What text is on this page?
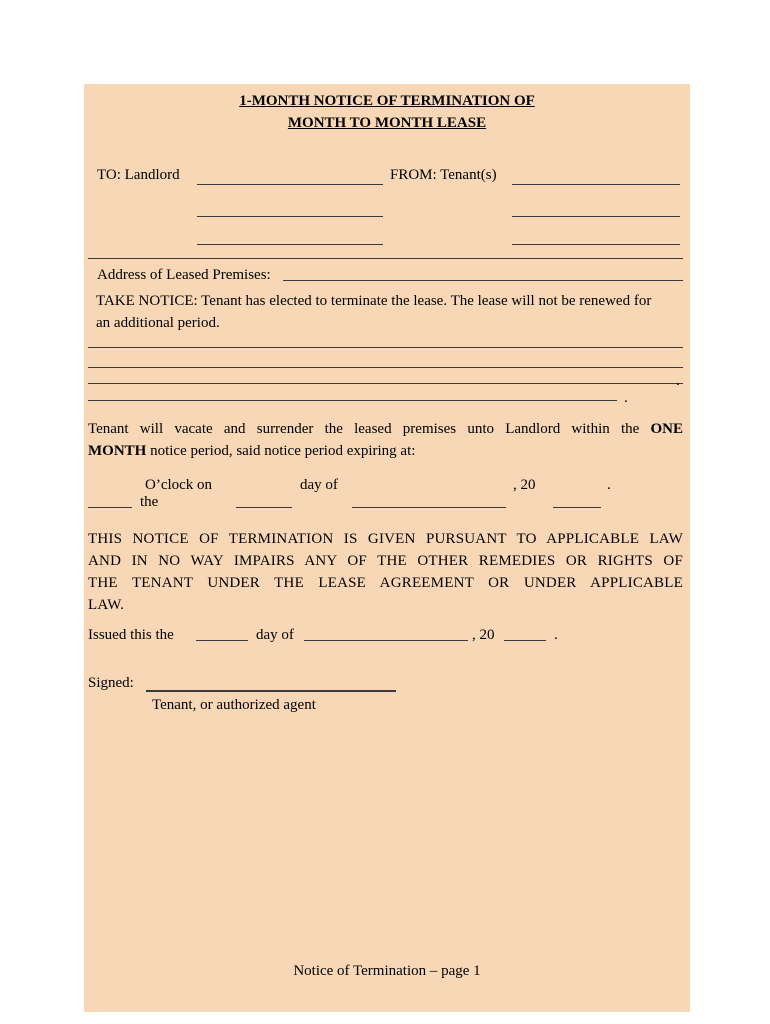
1-MONTH NOTICE OF TERMINATION OF
MONTH TO MONTH LEASE
TO: Landlord	FROM: Tenant(s)
Address of Leased Premises:
TAKE NOTICE: Tenant has elected to terminate the lease. The lease will not be renewed for
an additional period.
.
.
Tenant will vacate and surrender the leased premises unto Landlord within the ONE
MONTH notice period, said notice period expiring at:
O’clock on	day of	, 20	.
the
THIS NOTICE OF TERMINATION IS GIVEN PURSUANT TO APPLICABLE LAW
AND IN NO WAY IMPAIRS ANY OF THE OTHER REMEDIES OR RIGHTS OF
THE TENANT UNDER THE LEASE AGREEMENT OR UNDER APPLICABLE
LAW.
Issued this the	day of	, 20	.
Signed:
Tenant, or authorized agent
Notice of Termination – page 1
